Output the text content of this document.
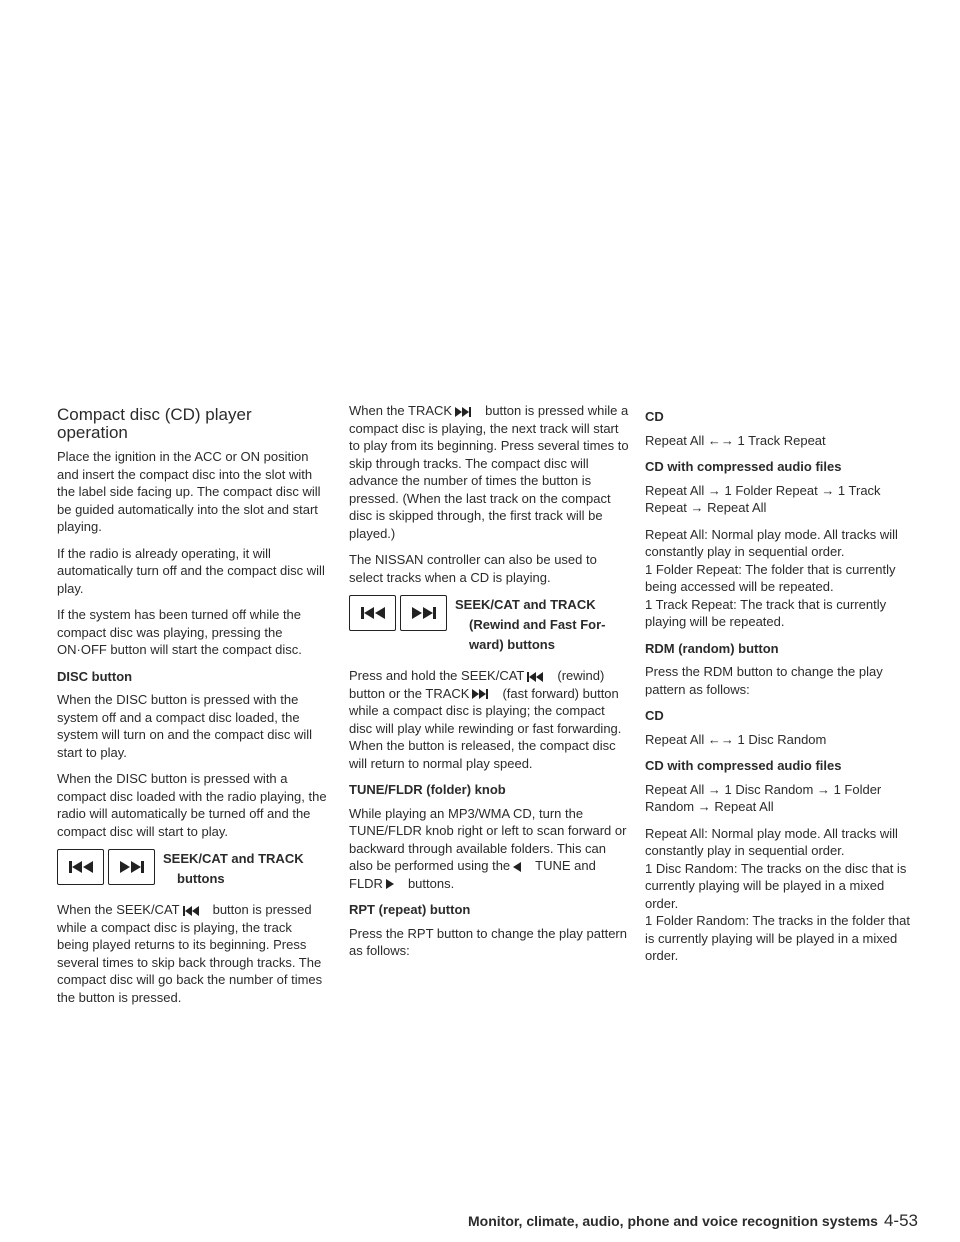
Compact disc (CD) player operation

Place the ignition in the ACC or ON position and insert the compact disc into the slot with the label side facing up. The compact disc will be guided automatically into the slot and start playing.

If the radio is already operating, it will automatically turn off and the compact disc will play.

If the system has been turned off while the compact disc was playing, pressing the ON·OFF button will start the compact disc.

DISC button

When the DISC button is pressed with the system off and a compact disc loaded, the system will turn on and the compact disc will start to play.

When the DISC button is pressed with a compact disc loaded with the radio playing, the radio will automatically be turned off and the compact disc will start to play.

SEEK/CAT and TRACK
buttons

When the SEEK/CAT	button is pressed while a compact disc is playing, the track being played returns to its beginning. Press several times to skip back through tracks. The compact disc will go back the number of times the button is pressed.

When the TRACK	button is pressed while a compact disc is playing, the next track will start to play from its beginning. Press several times to skip through tracks. The compact disc will advance the number of times the button is pressed. (When the last track on the compact disc is skipped through, the first track will be played.)

The NISSAN controller can also be used to select tracks when a CD is playing.

SEEK/CAT and TRACK
(Rewind and Fast For-
ward) buttons

Press and hold the SEEK/CAT	(rewind) button or the TRACK	(fast forward) button while a compact disc is playing; the compact disc will play while rewinding or fast forwarding. When the button is released, the compact disc will return to normal play speed.

TUNE/FLDR (folder) knob

While playing an MP3/WMA CD, turn the TUNE/FLDR knob right or left to scan forward or backward through available folders. This can also be performed using the TUNE and FLDR buttons.

RPT (repeat) button

Press the RPT button to change the play pattern as follows:

CD

Repeat All ←→ 1 Track Repeat

CD with compressed audio files

Repeat All → 1 Folder Repeat → 1 Track Repeat → Repeat All

Repeat All: Normal play mode. All tracks will constantly play in sequential order.

1 Folder Repeat: The folder that is currently being accessed will be repeated.

1 Track Repeat: The track that is currently playing will be repeated.

RDM (random) button

Press the RDM button to change the play pattern as follows:

CD

Repeat All ←→ 1 Disc Random

CD with compressed audio files

Repeat All → 1 Disc Random → 1 Folder Random → Repeat All

Repeat All: Normal play mode. All tracks will constantly play in sequential order.

1 Disc Random: The tracks on the disc that is currently playing will be played in a mixed order.

1 Folder Random: The tracks in the folder that is currently playing will be played in a mixed order.

Monitor, climate, audio, phone and voice recognition systems 4-53
